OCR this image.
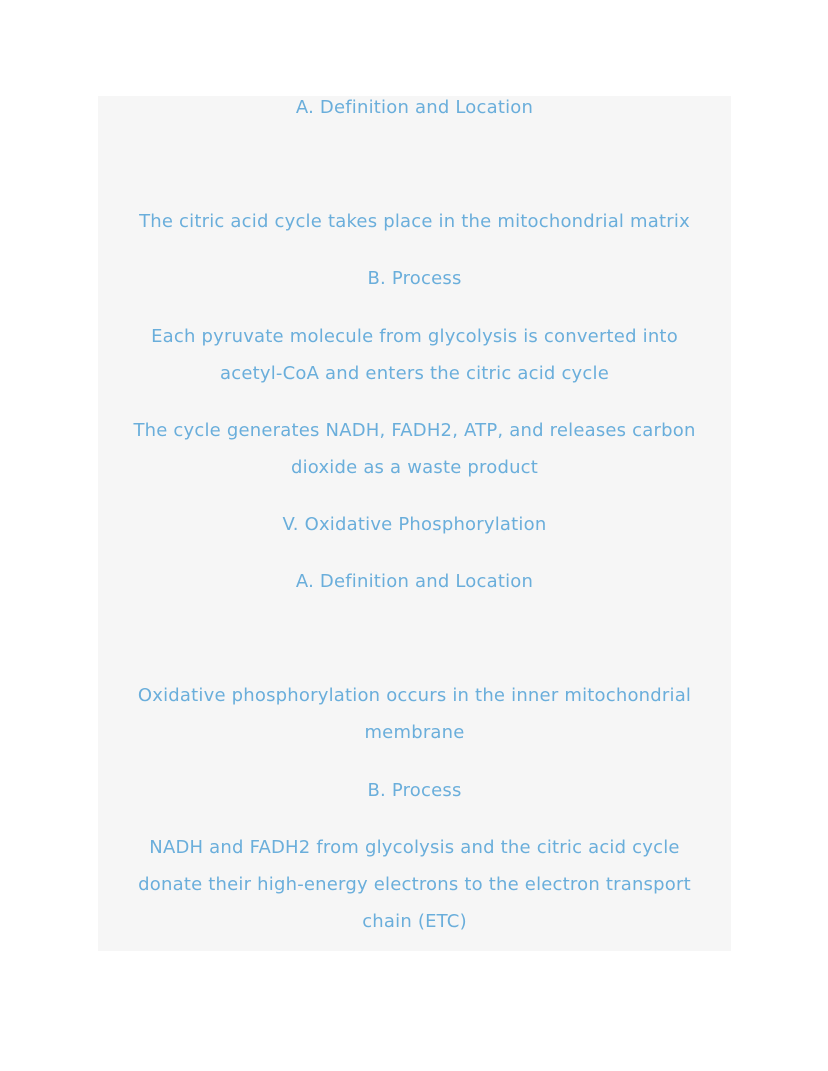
A. Definition and Location
The citric acid cycle takes place in the mitochondrial matrix
B. Process
Each pyruvate molecule from glycolysis is converted into
acetyl-CoA and enters the citric acid cycle
The cycle generates NADH, FADH2, ATP, and releases carbon
dioxide as a waste product
V. Oxidative Phosphorylation
A. Definition and Location
Oxidative phosphorylation occurs in the inner mitochondrial
membrane
B. Process
NADH and FADH2 from glycolysis and the citric acid cycle
donate their high-energy electrons to the electron transport
chain (ETC)
